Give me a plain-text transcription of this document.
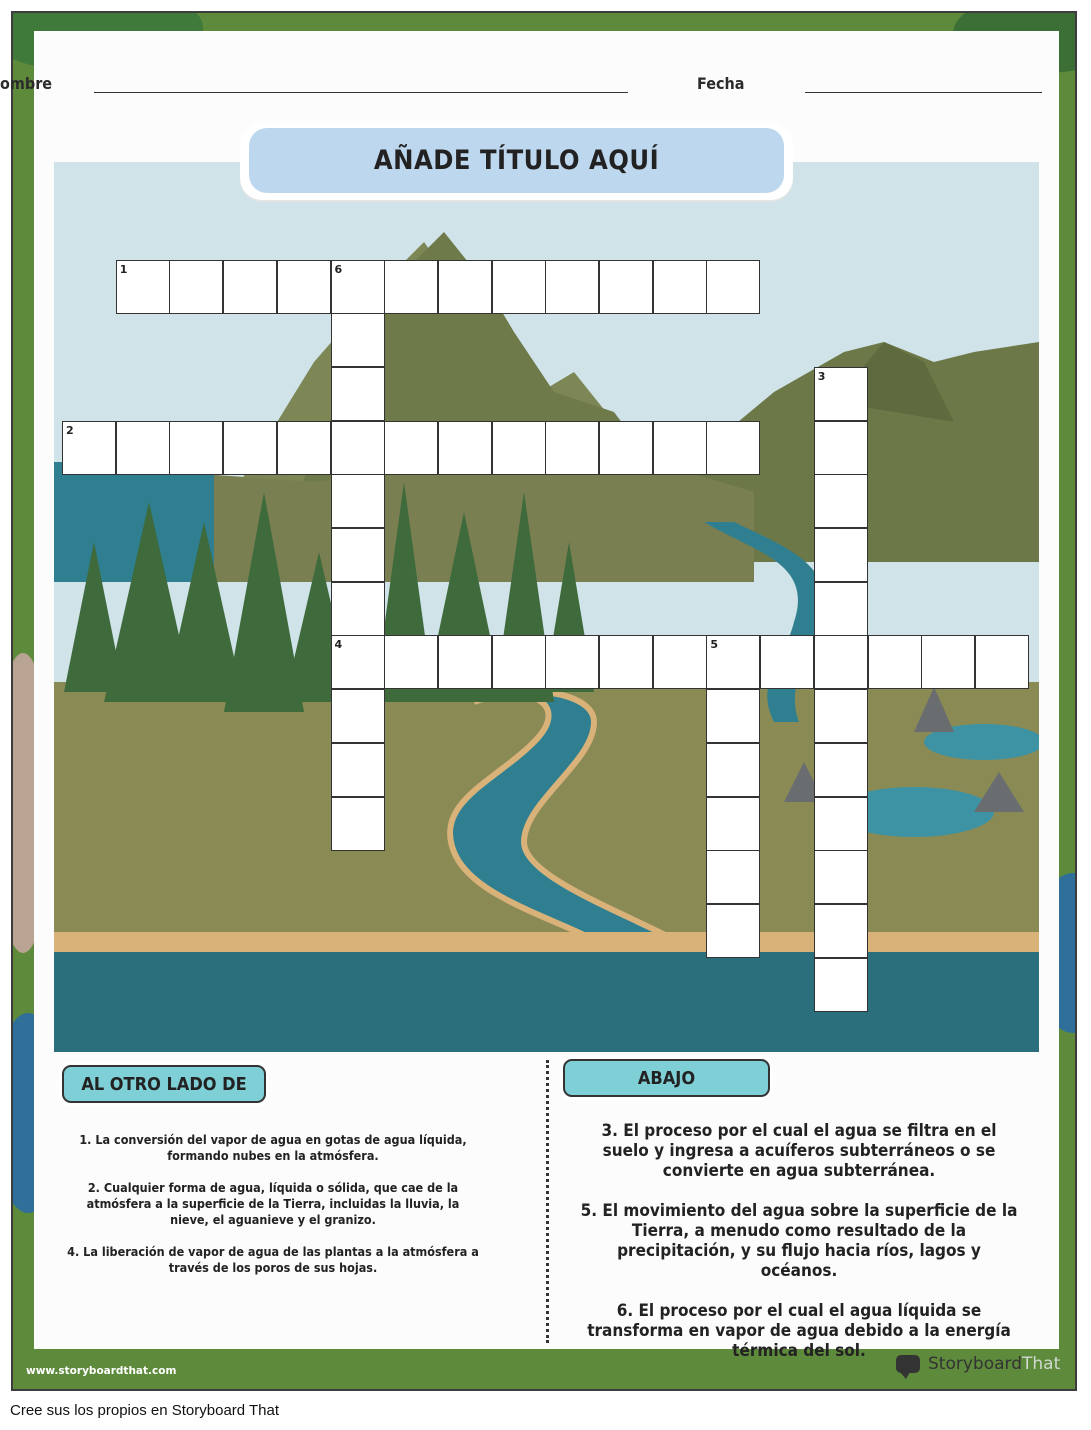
ombre	Fecha
AÑADE TÍTULO AQUÍ
1	6
2
3
4	5
AL OTRO LADO DE

1. La conversión del vapor de agua en gotas de agua líquida, formando nubes en la atmósfera.

2. Cualquier forma de agua, líquida o sólida, que cae de la atmósfera a la superficie de la Tierra, incluidas la lluvia, la nieve, el aguanieve y el granizo.

4. La liberación de vapor de agua de las plantas a la atmósfera a través de los poros de sus hojas.

ABAJO

3. El proceso por el cual el agua se filtra en el suelo y ingresa a acuíferos subterráneos o se convierte en agua subterránea.

5. El movimiento del agua sobre la superficie de la Tierra, a menudo como resultado de la precipitación, y su flujo hacia ríos, lagos y océanos.

6. El proceso por el cual el agua líquida se transforma en vapor de agua debido a la energía térmica del sol.

www.storyboardthat.com	Storyboard That
Cree sus los propios en Storyboard That
